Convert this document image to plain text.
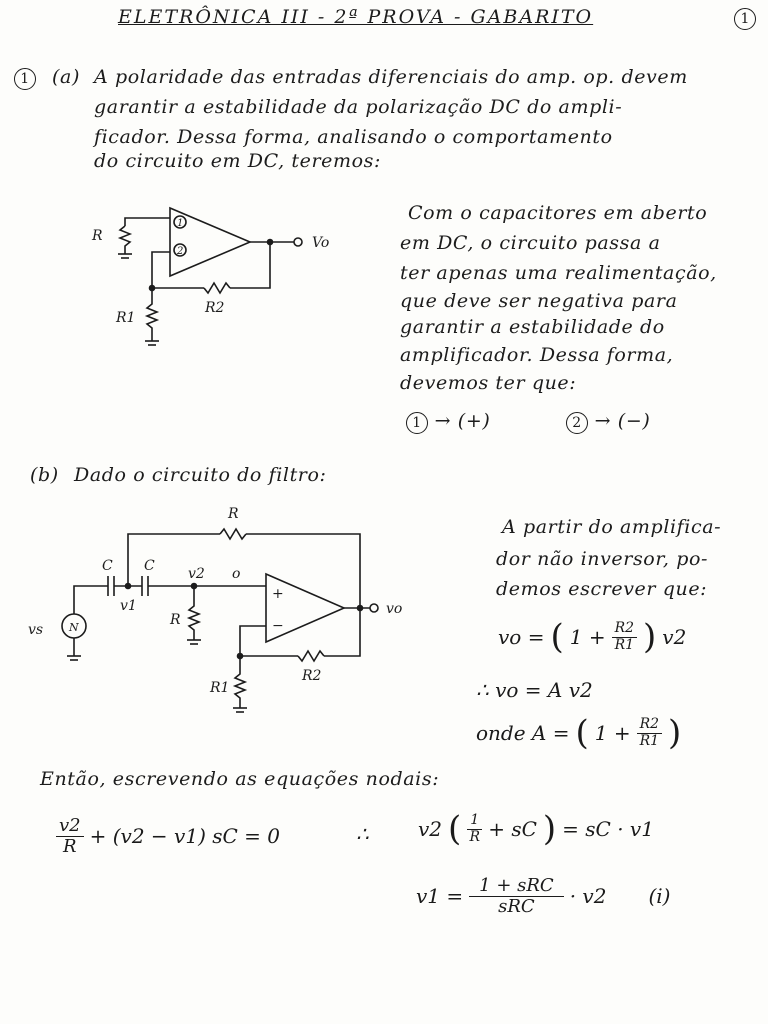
ELETRÔNICA III - 2ª PROVA - GABARITO	1
1	(a) A polaridade das entradas diferenciais do amp. op. devem
garantir a estabilidade da polarização DC do ampli-
ficador. Dessa forma, analisando o comportamento
do circuito em DC, teremos:
1
2
R	Vo
R2
R1
Com o capacitores em aberto
em DC, o circuito passa a
ter apenas uma realimentação,
que deve ser negativa para
garantir a estabilidade do
amplificador. Dessa forma,
devemos ter que:
1 → (+)	2 → (−)
(b) Dado o circuito do filtro:
R
N
vs
C
v1
C v2 o
R
+
−
vo
R2
R1
A partir do amplifica-
dor não inversor, po-
demos escrever que:
vo = ( $1 + \frac{R2}{R1}$ ) v2
∴ vo = A v2
onde A = ( $1 + \frac{R2}{R1}$ )
Então, escrevendo as equações nodais:
$\frac{v2}{R} + (v2 - v1)$ sC = 0	∴ v2 ( $\frac{1}{R}$ + sC ) = sC · v1
$v1 = \frac{\text{1 + sRC}}{\text{sRC}} \cdot v2$ (i)
